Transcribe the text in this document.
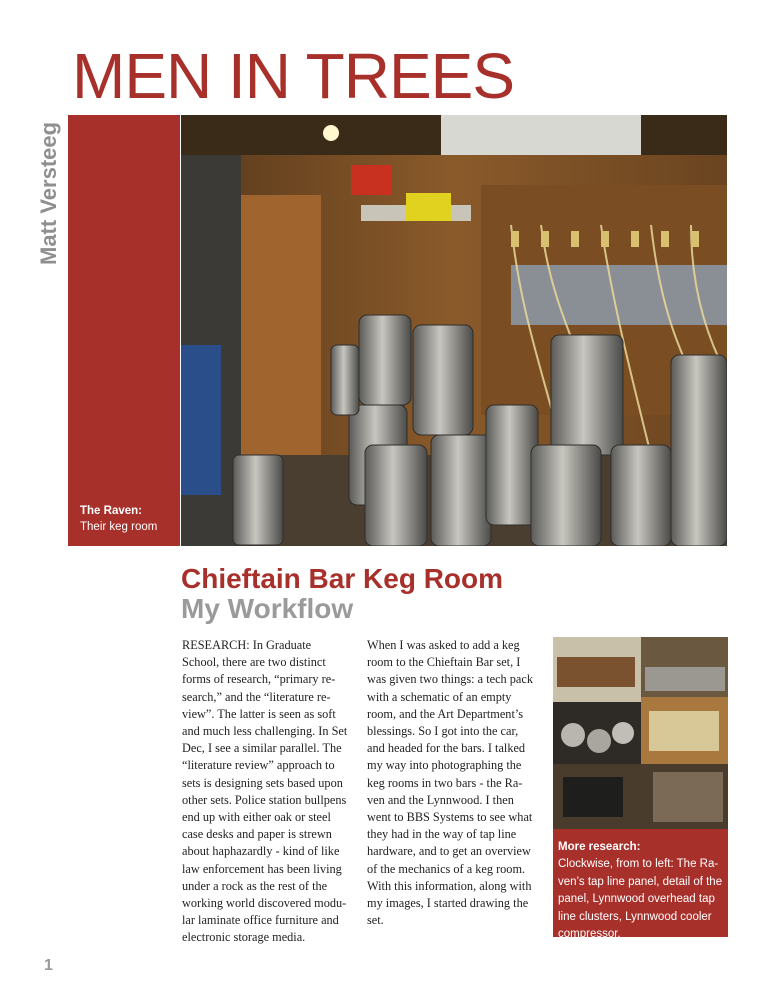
MEN IN TREES
Matt Versteeg
The Raven:
Their keg room
Chieftain Bar Keg Room
My Workflow
RESEARCH: In Graduate
School, there are two distinct
forms of research, “primary re-
search,” and the “literature re-
view”. The latter is seen as soft
and much less challenging. In Set
Dec, I see a similar parallel. The
“literature review” approach to
sets is designing sets based upon
other sets. Police station bullpens
end up with either oak or steel
case desks and paper is strewn
about haphazardly - kind of like
law enforcement has been living
under a rock as the rest of the
working world discovered modu-
lar laminate office furniture and
electronic storage media.
When I was asked to add a keg
room to the Chieftain Bar set, I
was given two things: a tech pack
with a schematic of an empty
room, and the Art Department’s
blessings. So I got into the car,
and headed for the bars. I talked
my way into photographing the
keg rooms in two bars - the Ra-
ven and the Lynnwood. I then
went to BBS Systems to see what
they had in the way of tap line
hardware, and to get an overview
of the mechanics of a keg room.
With this information, along with
my images, I started drawing the
set.
More research:
Clockwise, from to left: The Ra-
ven’s tap line panel, detail of the
panel, Lynnwood overhead tap
line clusters, Lynnwood cooler
compressor.
1
